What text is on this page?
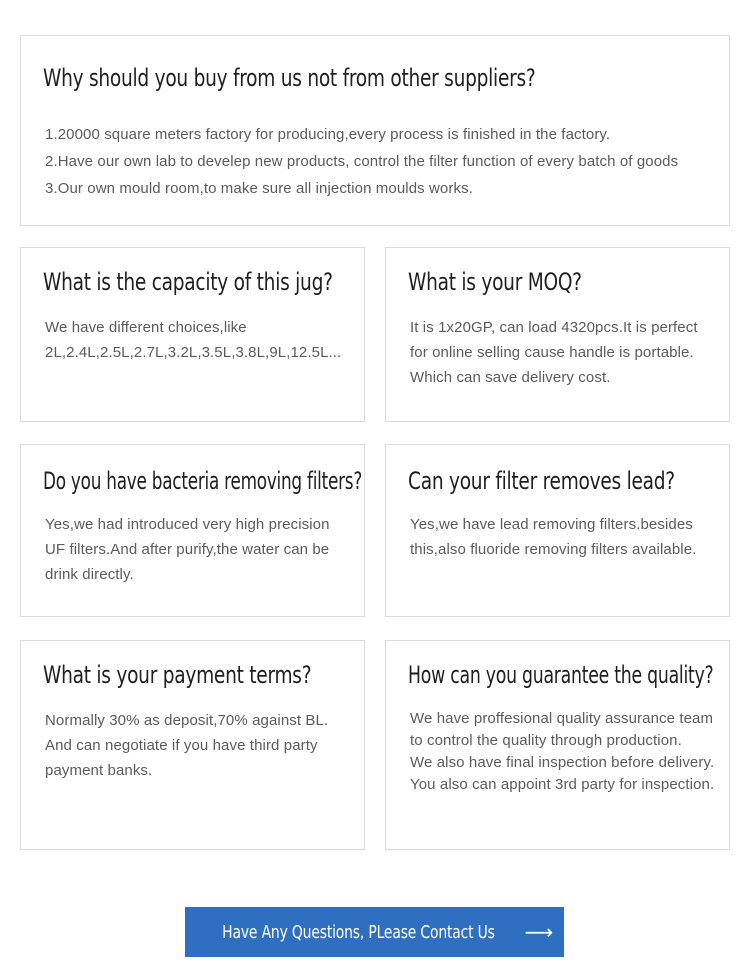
Why should you buy from us not from other suppliers?
1.20000 square meters factory for producing,every process is finished in the factory.
2.Have our own lab to develep new products, control the filter function of every batch of goods
3.Our own mould room,to make sure all injection moulds works.
What is the capacity of this jug?
We have different choices,like
2L,2.4L,2.5L,2.7L,3.2L,3.5L,3.8L,9L,12.5L...
What is your MOQ?
It is 1x20GP, can load 4320pcs.It is perfect
for online selling cause handle is portable.
Which can save delivery cost.
Do you have bacteria removing filters?
Yes,we had introduced very high precision
UF filters.And after purify,the water can be
drink directly.
Can your filter removes lead?
Yes,we have lead removing filters.besides
this,also fluoride removing filters available.
What is your payment terms?
Normally 30% as deposit,70% against BL.
And can negotiate if you have third party
payment banks.
How can you guarantee the quality?
We have proffesional quality assurance team
to control the quality through production.
We also have final inspection before delivery.
You also can appoint 3rd party for inspection.
Have Any Questions, PLease Contact Us ⟶
